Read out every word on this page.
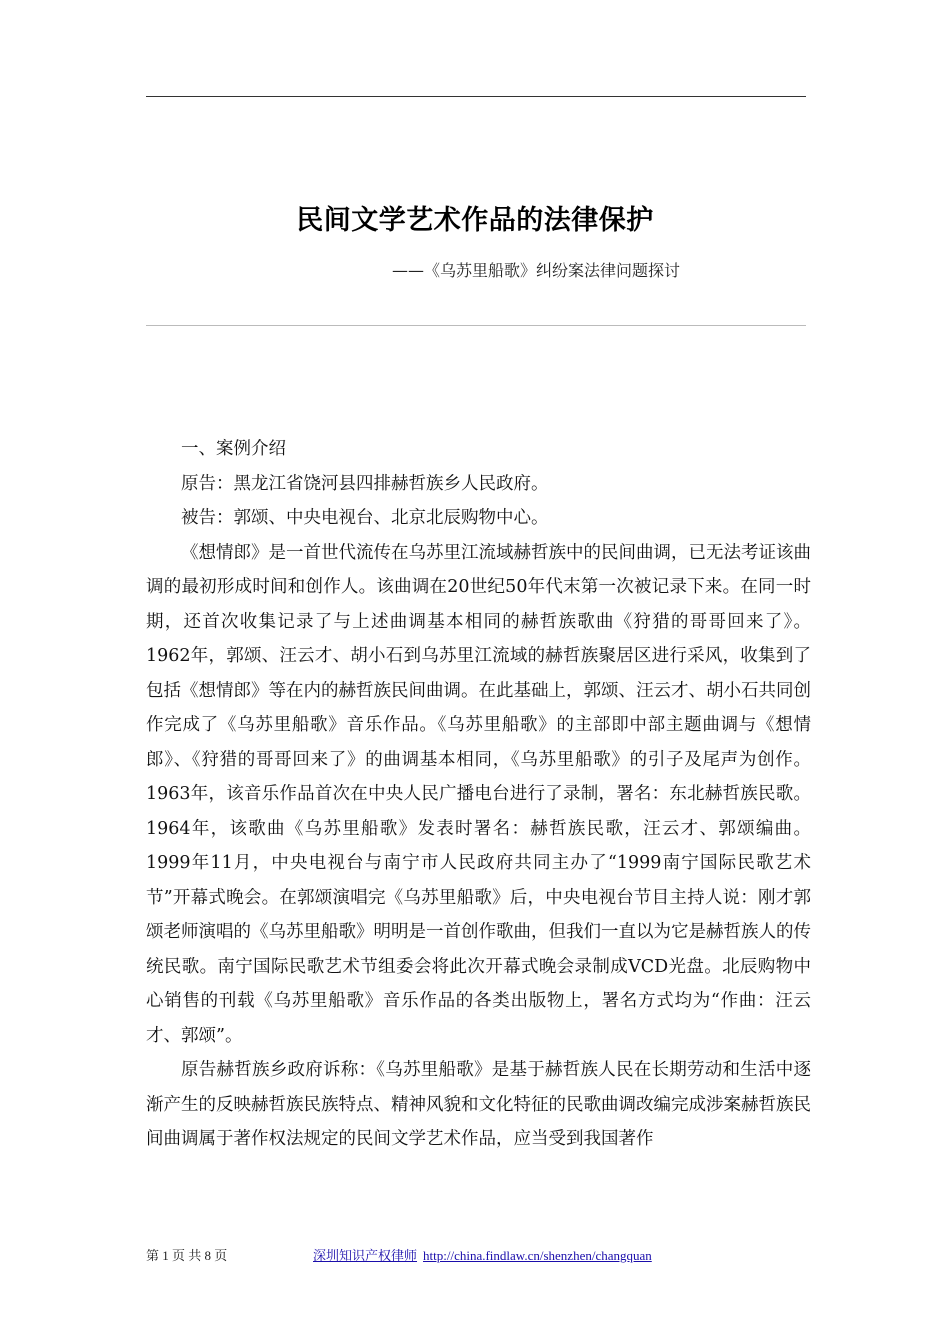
民间文学艺术作品的法律保护
——《乌苏里船歌》纠纷案法律问题探讨

一、案例介绍

原告：黑龙江省饶河县四排赫哲族乡人民政府。

被告：郭颂、中央电视台、北京北辰购物中心。

《想情郎》是一首世代流传在乌苏里江流域赫哲族中的民间曲调，已无法考证该曲调的最初形成时间和创作人。该曲调在20世纪50年代末第一次被记录下来。在同一时期，还首次收集记录了与上述曲调基本相同的赫哲族歌曲《狩猎的哥哥回来了》。1962年，郭颂、汪云才、胡小石到乌苏里江流域的赫哲族聚居区进行采风，收集到了包括《想情郎》等在内的赫哲族民间曲调。在此基础上，郭颂、汪云才、胡小石共同创作完成了《乌苏里船歌》音乐作品。《乌苏里船歌》的主部即中部主题曲调与《想情郎》、《狩猎的哥哥回来了》的曲调基本相同，《乌苏里船歌》的引子及尾声为创作。1963年，该音乐作品首次在中央人民广播电台进行了录制，署名：东北赫哲族民歌。1964年，该歌曲《乌苏里船歌》发表时署名：赫哲族民歌，汪云才、郭颂编曲。1999年11月，中央电视台与南宁市人民政府共同主办了“1999南宁国际民歌艺术节”开幕式晚会。在郭颂演唱完《乌苏里船歌》后，中央电视台节目主持人说：刚才郭颂老师演唱的《乌苏里船歌》明明是一首创作歌曲，但我们一直以为它是赫哲族人的传统民歌。南宁国际民歌艺术节组委会将此次开幕式晚会录制成VCD光盘。北辰购物中心销售的刊载《乌苏里船歌》音乐作品的各类出版物上，署名方式均为“作曲：汪云才、郭颂”。

原告赫哲族乡政府诉称：《乌苏里船歌》是基于赫哲族人民在长期劳动和生活中逐渐产生的反映赫哲族民族特点、精神风貌和文化特征的民歌曲调改编完成涉案赫哲族民间曲调属于著作权法规定的民间文学艺术作品，应当受到我国著作

第 1 页 共 8 页	深圳知识产权律师 http://china.findlaw.cn/shenzhen/changquan
